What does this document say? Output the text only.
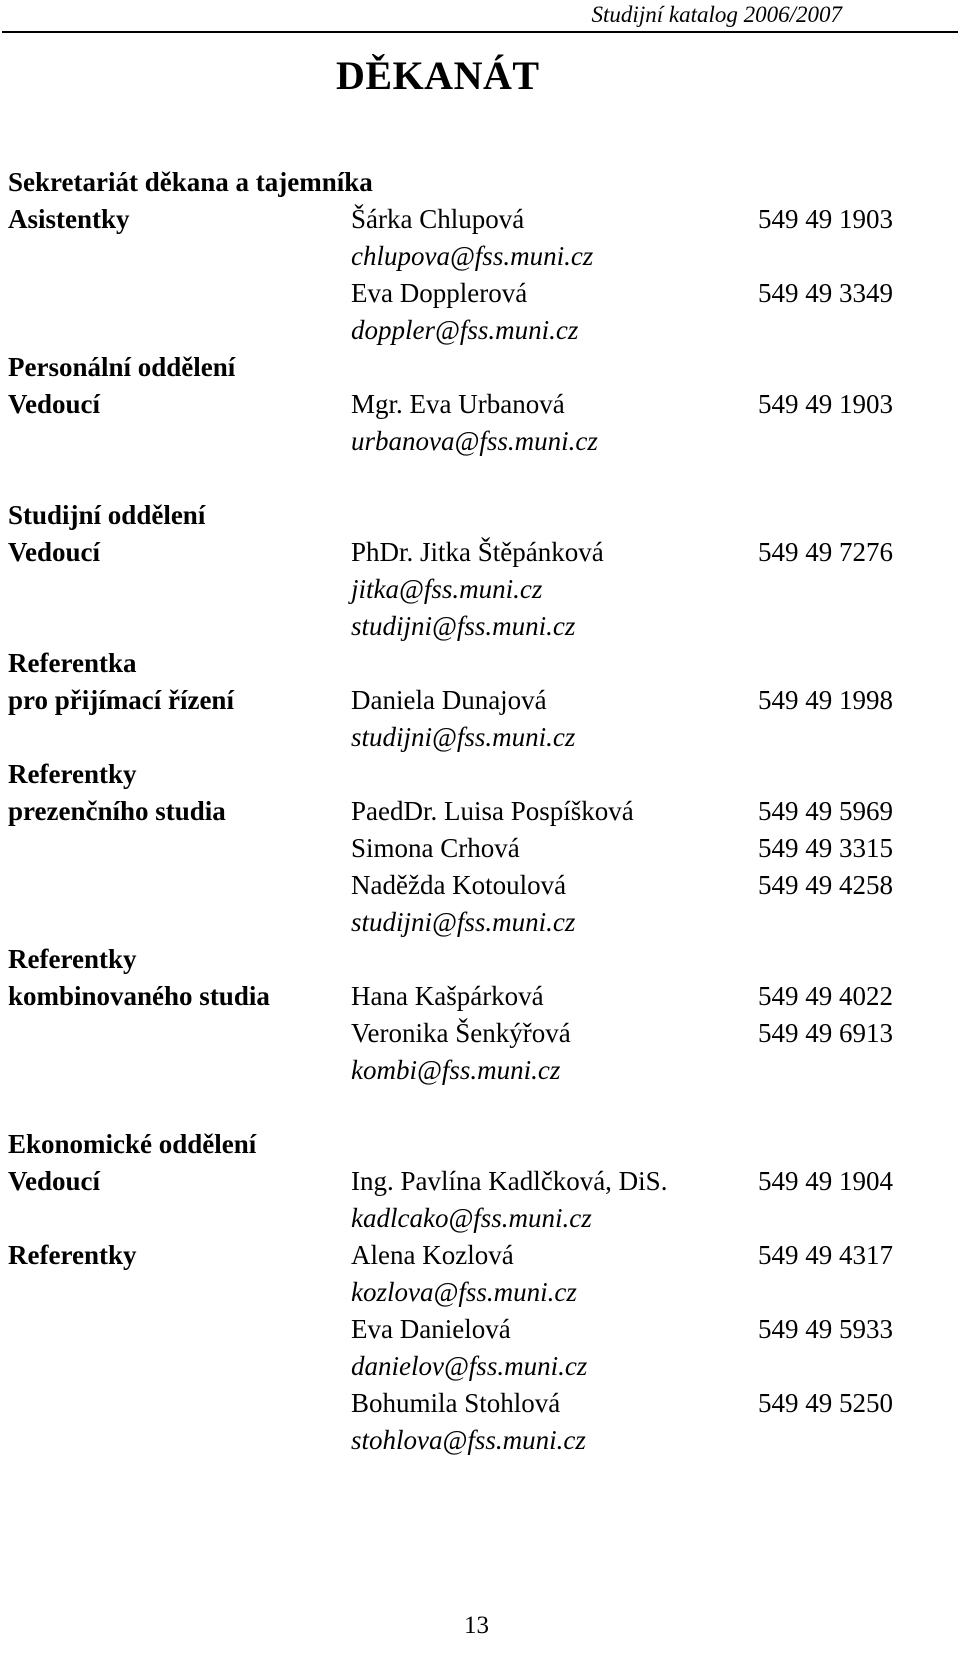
Studijní katalog 2006/2007
DĚKANÁT
Sekretariát děkana a tajemníka
Asistentky	Šárka Chlupová	549 49 1903
chlupova@fss.muni.cz
Eva Dopplerová	549 49 3349
doppler@fss.muni.cz
Personální oddělení
Vedoucí	Mgr. Eva Urbanová	549 49 1903
urbanova@fss.muni.cz
Studijní oddělení
Vedoucí	PhDr. Jitka Štěpánková	549 49 7276
jitka@fss.muni.cz
studijni@fss.muni.cz
Referentka
pro přijímací řízení	Daniela Dunajová	549 49 1998
studijni@fss.muni.cz
Referentky
prezenčního studia	PaedDr. Luisa Pospíšková	549 49 5969
Simona Crhová	549 49 3315
Naděžda Kotoulová	549 49 4258
studijni@fss.muni.cz
Referentky
kombinovaného studia	Hana Kašpárková	549 49 4022
Veronika Šenkýřová	549 49 6913
kombi@fss.muni.cz
Ekonomické oddělení
Vedoucí	Ing. Pavlína Kadlčková, DiS.	549 49 1904
kadlcako@fss.muni.cz
Referentky	Alena Kozlová	549 49 4317
kozlova@fss.muni.cz
Eva Danielová	549 49 5933
danielov@fss.muni.cz
Bohumila Stohlová	549 49 5250
stohlova@fss.muni.cz
13
